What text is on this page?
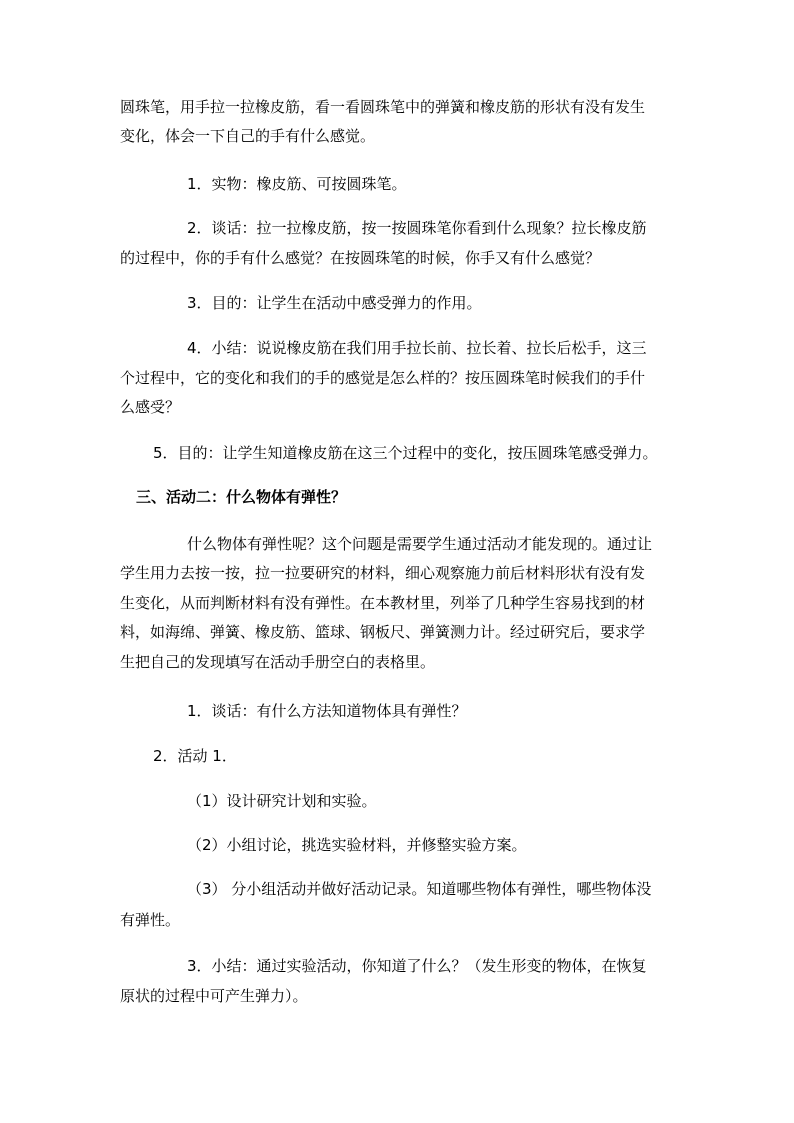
圆珠笔，用手拉一拉橡皮筋，看一看圆珠笔中的弹簧和橡皮筋的形状有没有发生
变化，体会一下自己的手有什么感觉。
1．实物：橡皮筋、可按圆珠笔。
2．谈话：拉一拉橡皮筋，按一按圆珠笔你看到什么现象？拉长橡皮筋
的过程中，你的手有什么感觉？在按圆珠笔的时候，你手又有什么感觉？
3．目的：让学生在活动中感受弹力的作用。
4．小结：说说橡皮筋在我们用手拉长前、拉长着、拉长后松手，这三
个过程中，它的变化和我们的手的感觉是怎么样的？按压圆珠笔时候我们的手什
么感受？
5．目的：让学生知道橡皮筋在这三个过程中的变化，按压圆珠笔感受弹力。
三、活动二：什么物体有弹性？
什么物体有弹性呢？这个问题是需要学生通过活动才能发现的。通过让
学生用力去按一按，拉一拉要研究的材料，细心观察施力前后材料形状有没有发
生变化，从而判断材料有没有弹性。在本教材里，列举了几种学生容易找到的材
料，如海绵、弹簧、橡皮筋、篮球、钢板尺、弹簧测力计。经过研究后，要求学
生把自己的发现填写在活动手册空白的表格里。
1．谈话：有什么方法知道物体具有弹性？
2．活动 1．
（1）设计研究计划和实验。
（2）小组讨论，挑选实验材料，并修整实验方案。
（3） 分小组活动并做好活动记录。知道哪些物体有弹性，哪些物体没
有弹性。
3．小结：通过实验活动，你知道了什么？（发生形变的物体，在恢复
原状的过程中可产生弹力）。
